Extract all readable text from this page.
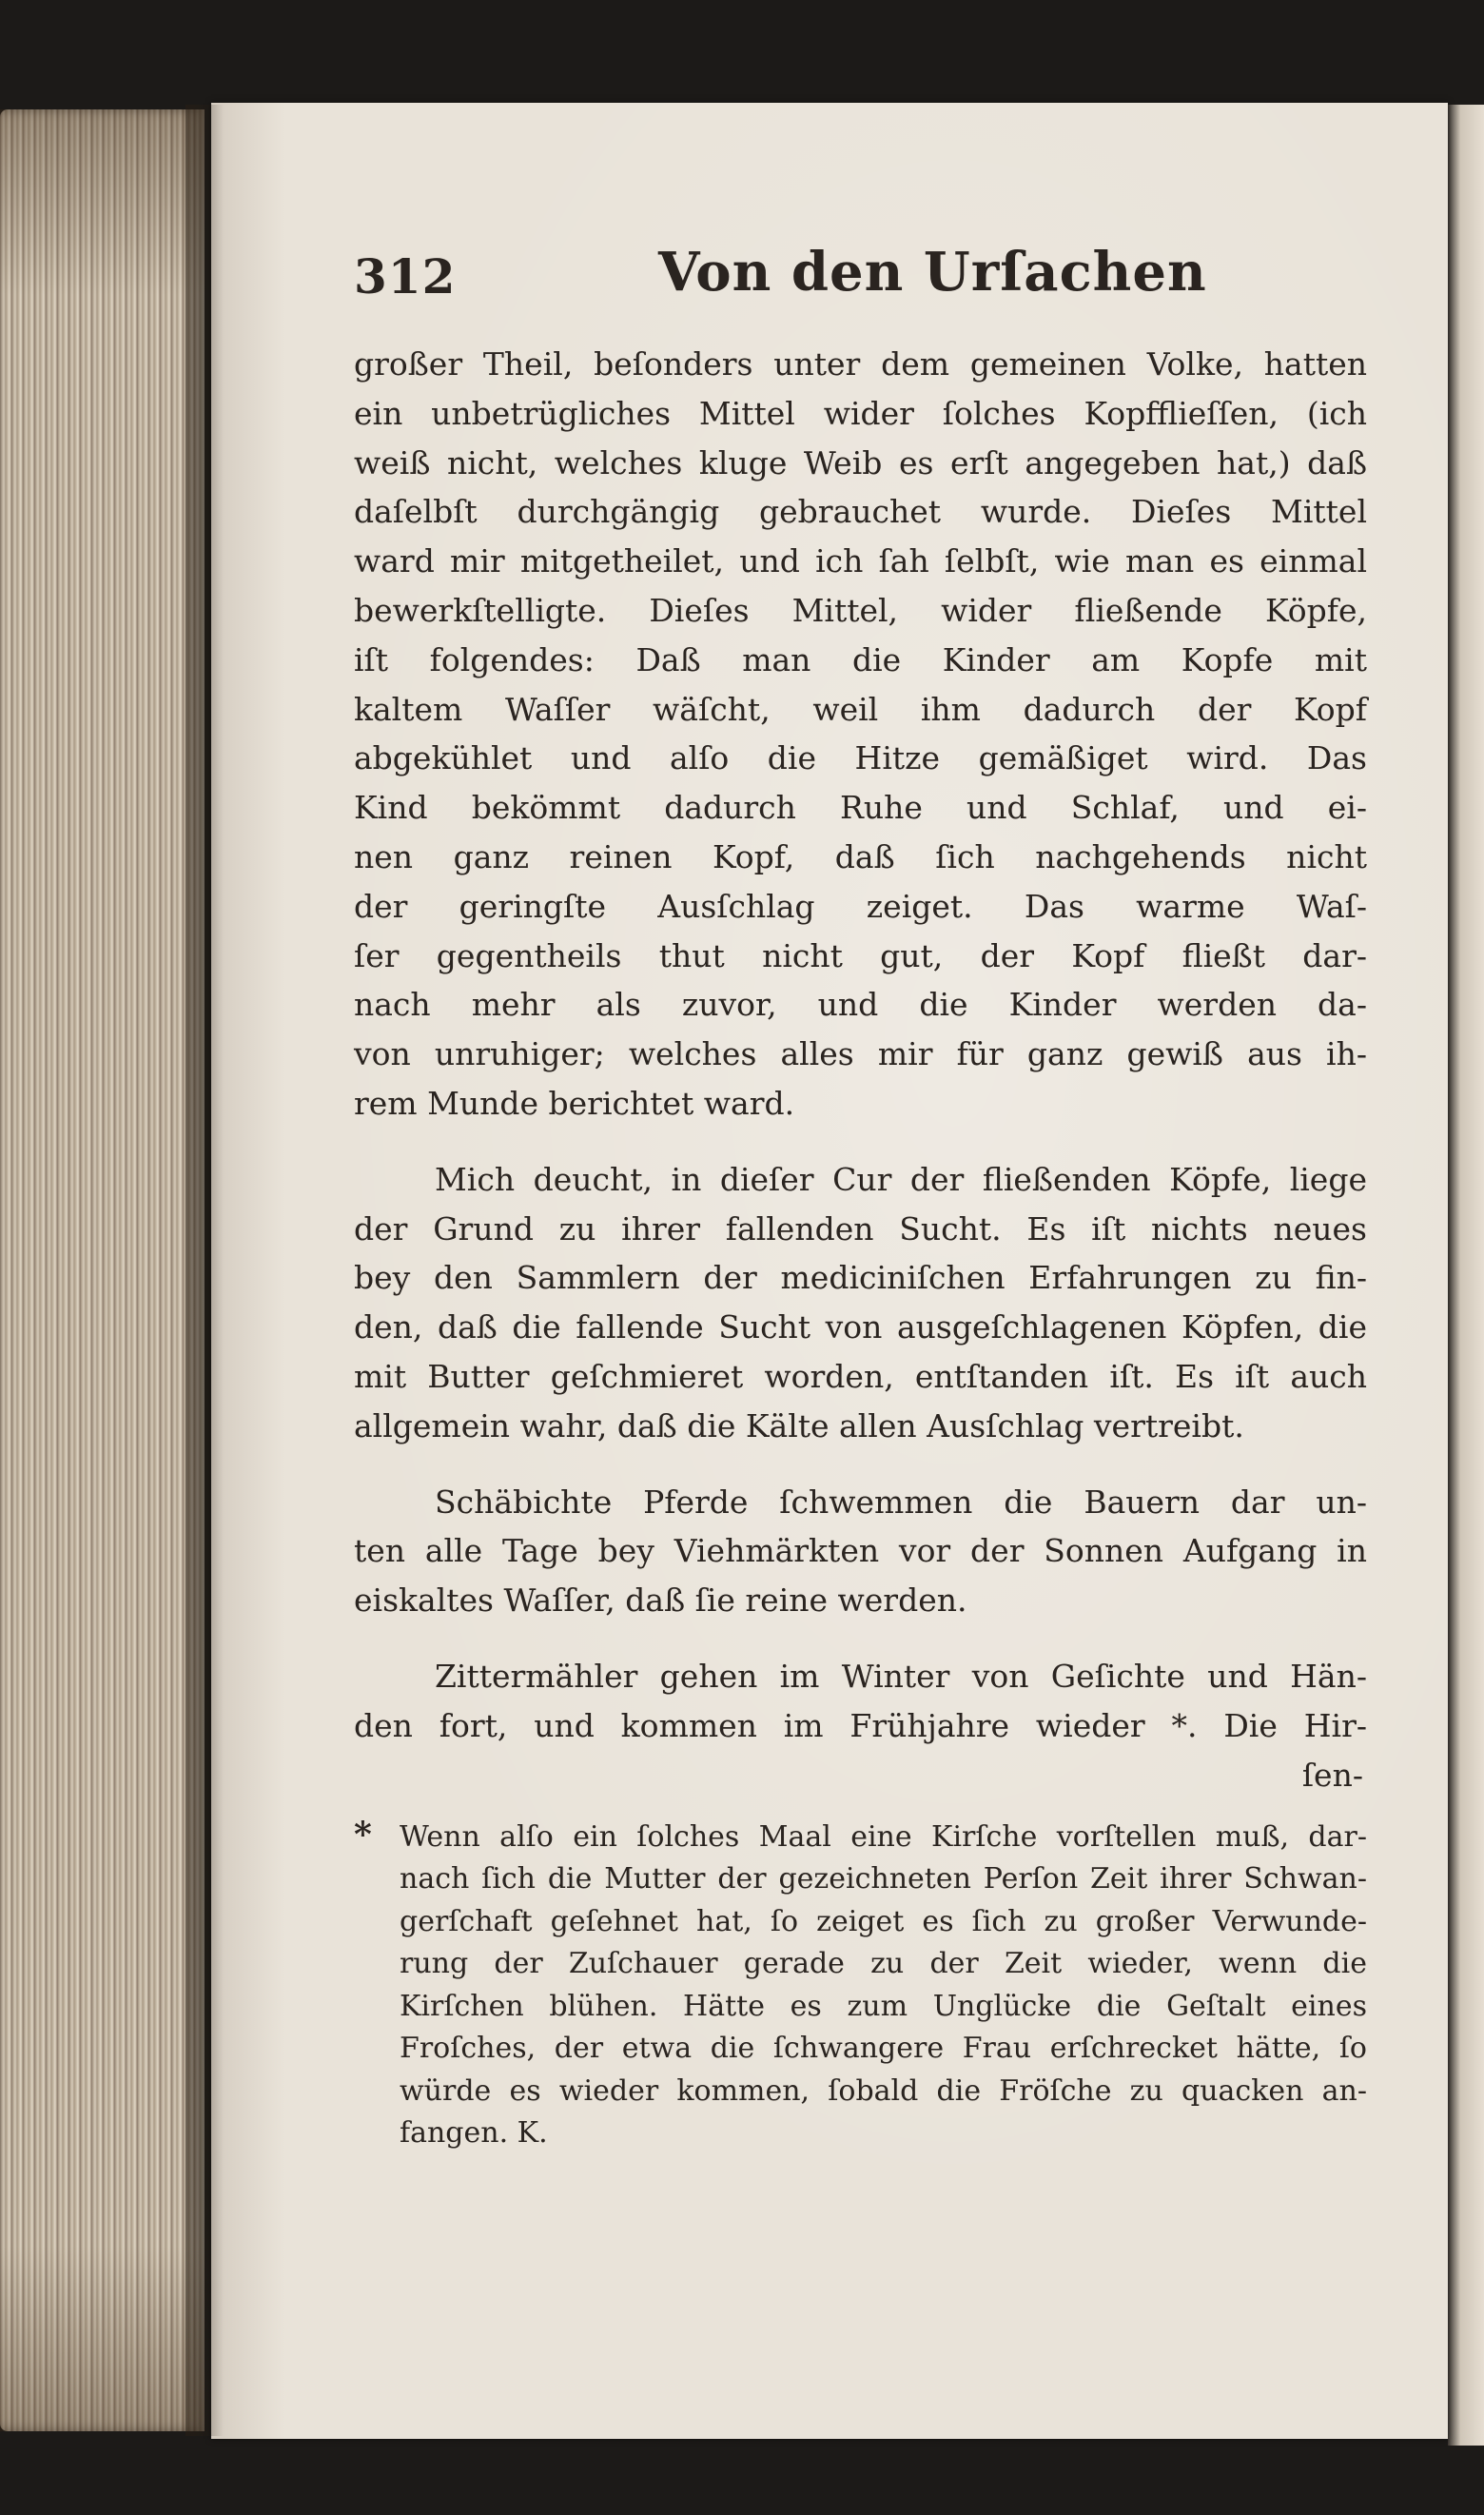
312	Von den Urſachen

großer Theil, beſonders unter dem gemeinen Volke, hatten
ein unbetrügliches Mittel wider ſolches Kopfflieſſen, (ich
weiß nicht, welches kluge Weib es erſt angegeben hat,) daß
daſelbſt durchgängig gebrauchet wurde. Dieſes Mittel
ward mir mitgetheilet, und ich ſah ſelbſt, wie man es einmal
bewerkſtelligte. Dieſes Mittel, wider fließende Köpfe,
iſt folgendes: Daß man die Kinder am Kopfe mit
kaltem Waſſer wäſcht, weil ihm dadurch der Kopf
abgekühlet und alſo die Hitze gemäßiget wird. Das
Kind bekömmt dadurch Ruhe und Schlaf, und ei-
nen ganz reinen Kopf, daß ſich nachgehends nicht
der geringſte Ausſchlag zeiget. Das warme Waſ-
ſer gegentheils thut nicht gut, der Kopf fließt dar-
nach mehr als zuvor, und die Kinder werden da-
von unruhiger; welches alles mir für ganz gewiß aus ih-
rem Munde berichtet ward.

Mich deucht, in dieſer Cur der fließenden Köpfe, liege
der Grund zu ihrer fallenden Sucht. Es iſt nichts neues
bey den Sammlern der mediciniſchen Erfahrungen zu fin-
den, daß die fallende Sucht von ausgeſchlagenen Köpfen, die
mit Butter geſchmieret worden, entſtanden iſt. Es iſt auch
allgemein wahr, daß die Kälte allen Ausſchlag vertreibt.

Schäbichte Pferde ſchwemmen die Bauern dar un-
ten alle Tage bey Viehmärkten vor der Sonnen Aufgang in
eiskaltes Waſſer, daß ſie reine werden.

Zittermähler gehen im Winter von Geſichte und Hän-
den fort, und kommen im Frühjahre wieder *. Die Hir-

ſen-
* Wenn alſo ein ſolches Maal eine Kirſche vorſtellen muß, dar-
nach ſich die Mutter der gezeichneten Perſon Zeit ihrer Schwan-
gerſchaft geſehnet hat, ſo zeiget es ſich zu großer Verwunde-
rung der Zuſchauer gerade zu der Zeit wieder, wenn die
Kirſchen blühen. Hätte es zum Unglücke die Geſtalt eines
Froſches, der etwa die ſchwangere Frau erſchrecket hätte, ſo
würde es wieder kommen, ſobald die Fröſche zu quacken an-
fangen. K.
